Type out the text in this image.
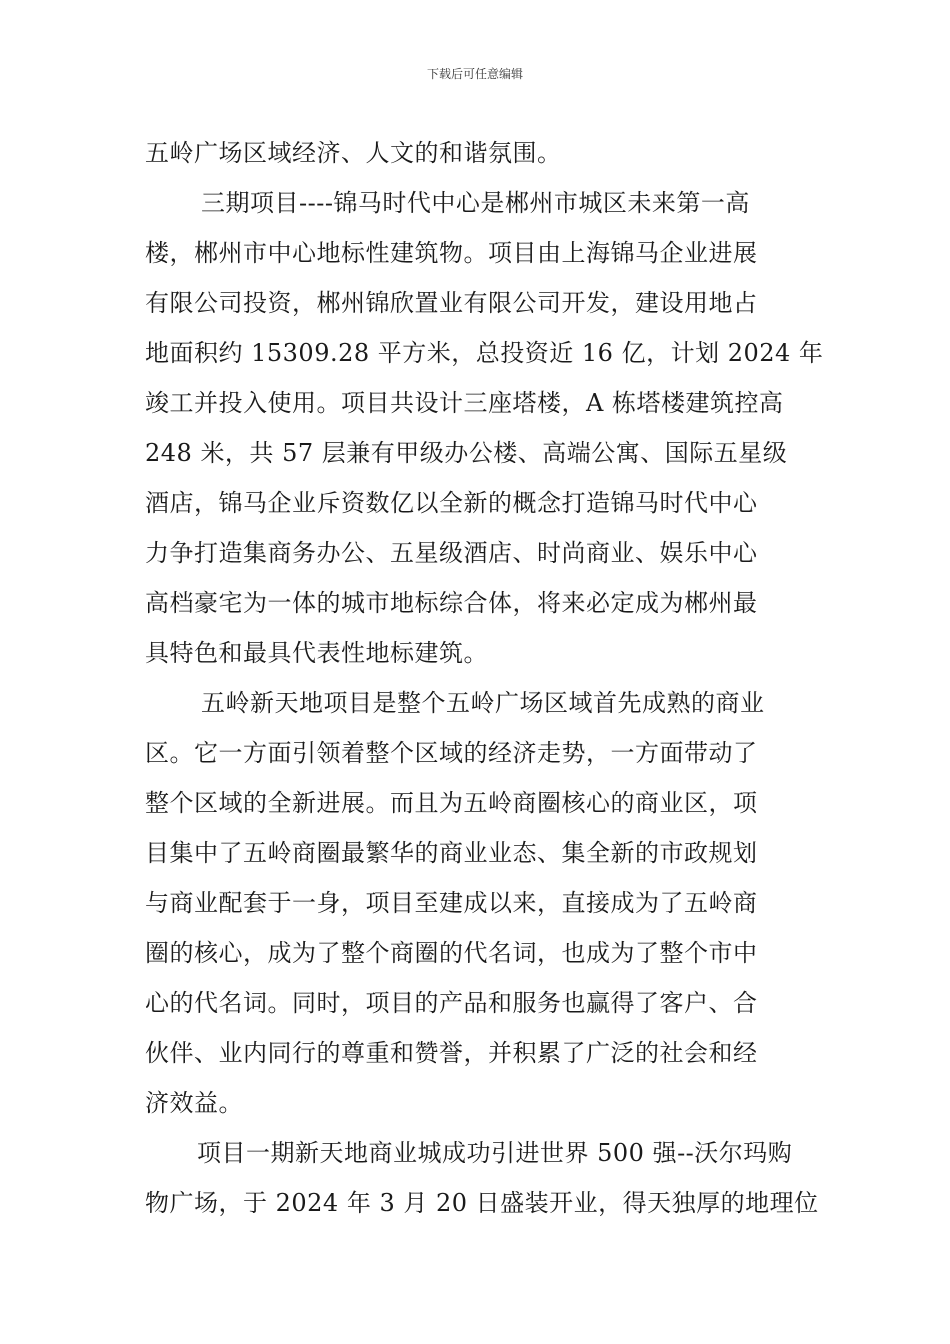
下载后可任意编辑
五岭广场区域经济、人文的和谐氛围。
三期项目----锦马时代中心是郴州市城区未来第一高
楼，郴州市中心地标性建筑物。项目由上海锦马企业进展
有限公司投资，郴州锦欣置业有限公司开发，建设用地占
地面积约 15309.28 平方米，总投资近 16 亿，计划 2024 年
竣工并投入使用。项目共设计三座塔楼，A 栋塔楼建筑控高
248 米，共 57 层兼有甲级办公楼、高端公寓、国际五星级
酒店，锦马企业斥资数亿以全新的概念打造锦马时代中心
力争打造集商务办公、五星级酒店、时尚商业、娱乐中心
高档豪宅为一体的城市地标综合体，将来必定成为郴州最
具特色和最具代表性地标建筑。
五岭新天地项目是整个五岭广场区域首先成熟的商业
区。它一方面引领着整个区域的经济走势，一方面带动了
整个区域的全新进展。而且为五岭商圈核心的商业区，项
目集中了五岭商圈最繁华的商业业态、集全新的市政规划
与商业配套于一身，项目至建成以来，直接成为了五岭商
圈的核心，成为了整个商圈的代名词，也成为了整个市中
心的代名词。同时，项目的产品和服务也赢得了客户、合
伙伴、业内同行的尊重和赞誉，并积累了广泛的社会和经
济效益。
项目一期新天地商业城成功引进世界 500 强--沃尔玛购
物广场，于 2024 年 3 月 20 日盛装开业，得天独厚的地理位
